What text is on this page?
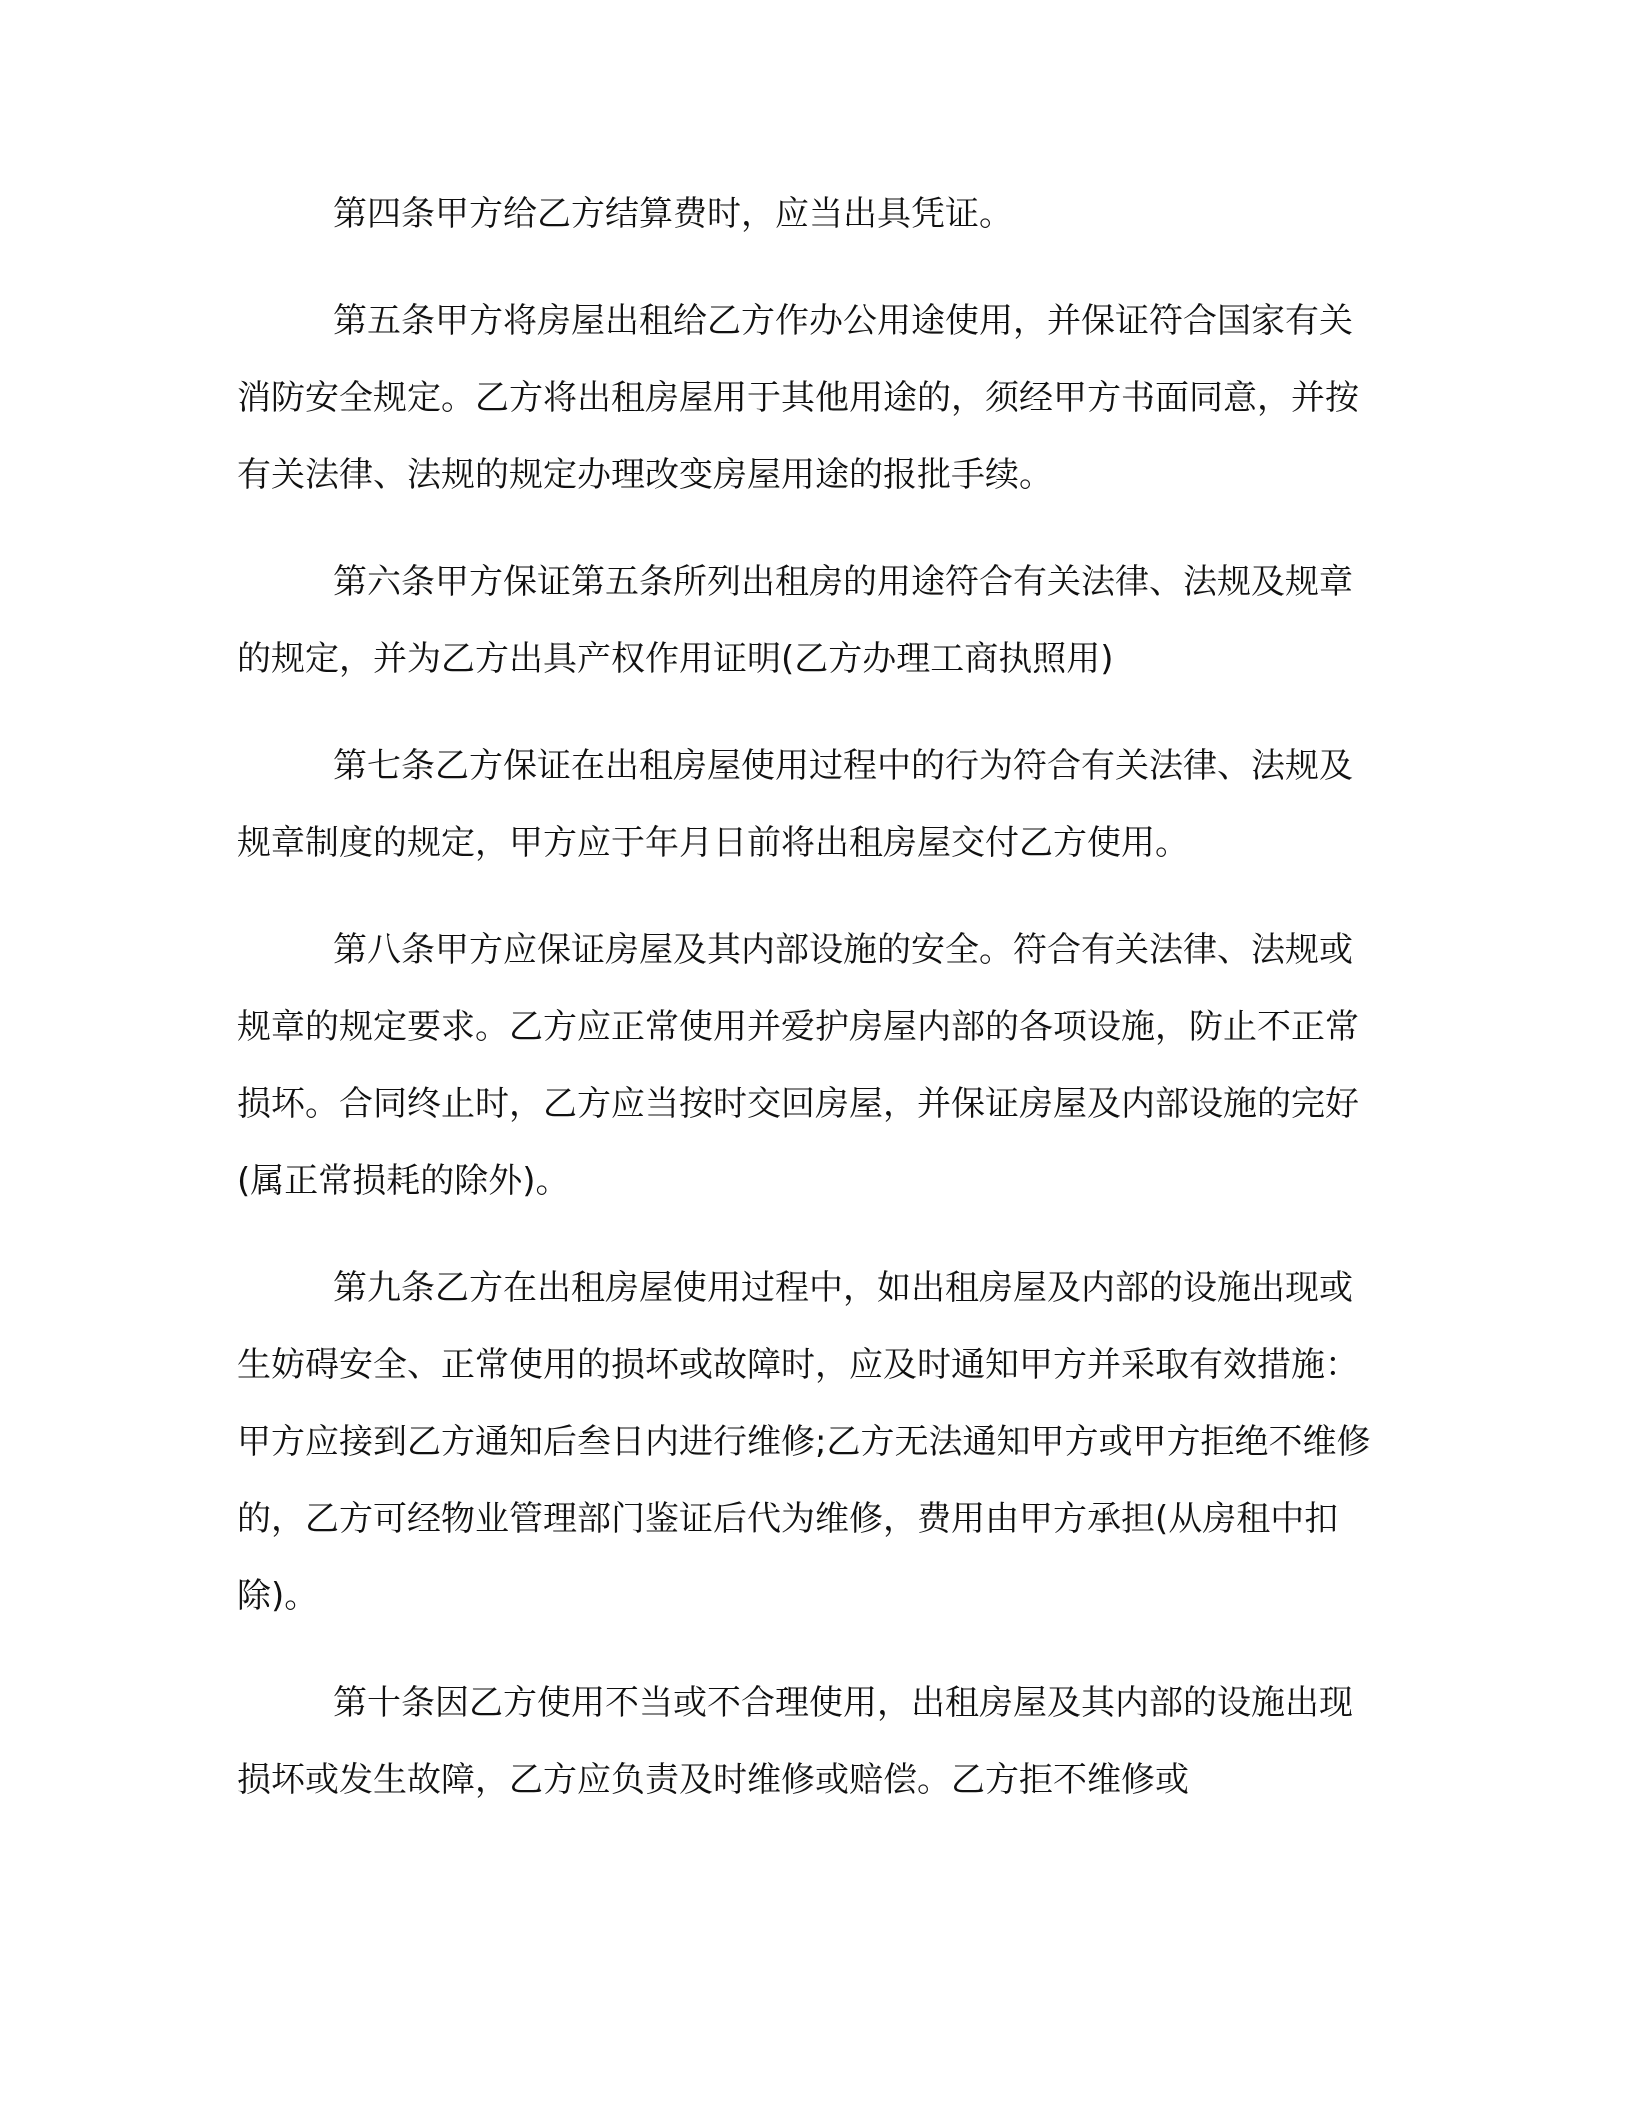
第四条甲方给乙方结算费时，应当出具凭证。

第五条甲方将房屋出租给乙方作办公用途使用，并保证符合国家有关消防安全规定。乙方将出租房屋用于其他用途的，须经甲方书面同意，并按有关法律、法规的规定办理改变房屋用途的报批手续。

第六条甲方保证第五条所列出租房的用途符合有关法律、法规及规章的规定，并为乙方出具产权作用证明(乙方办理工商执照用)

第七条乙方保证在出租房屋使用过程中的行为符合有关法律、法规及规章制度的规定，甲方应于年月日前将出租房屋交付乙方使用。

第八条甲方应保证房屋及其内部设施的安全。符合有关法律、法规或规章的规定要求。乙方应正常使用并爱护房屋内部的各项设施，防止不正常损坏。合同终止时，乙方应当按时交回房屋，并保证房屋及内部设施的完好(属正常损耗的除外)。

第九条乙方在出租房屋使用过程中，如出租房屋及内部的设施出现或生妨碍安全、正常使用的损坏或故障时，应及时通知甲方并采取有效措施：甲方应接到乙方通知后叁日内进行维修;乙方无法通知甲方或甲方拒绝不维修的，乙方可经物业管理部门鉴证后代为维修，费用由甲方承担(从房租中扣除)。

第十条因乙方使用不当或不合理使用，出租房屋及其内部的设施出现损坏或发生故障，乙方应负责及时维修或赔偿。乙方拒不维修或
